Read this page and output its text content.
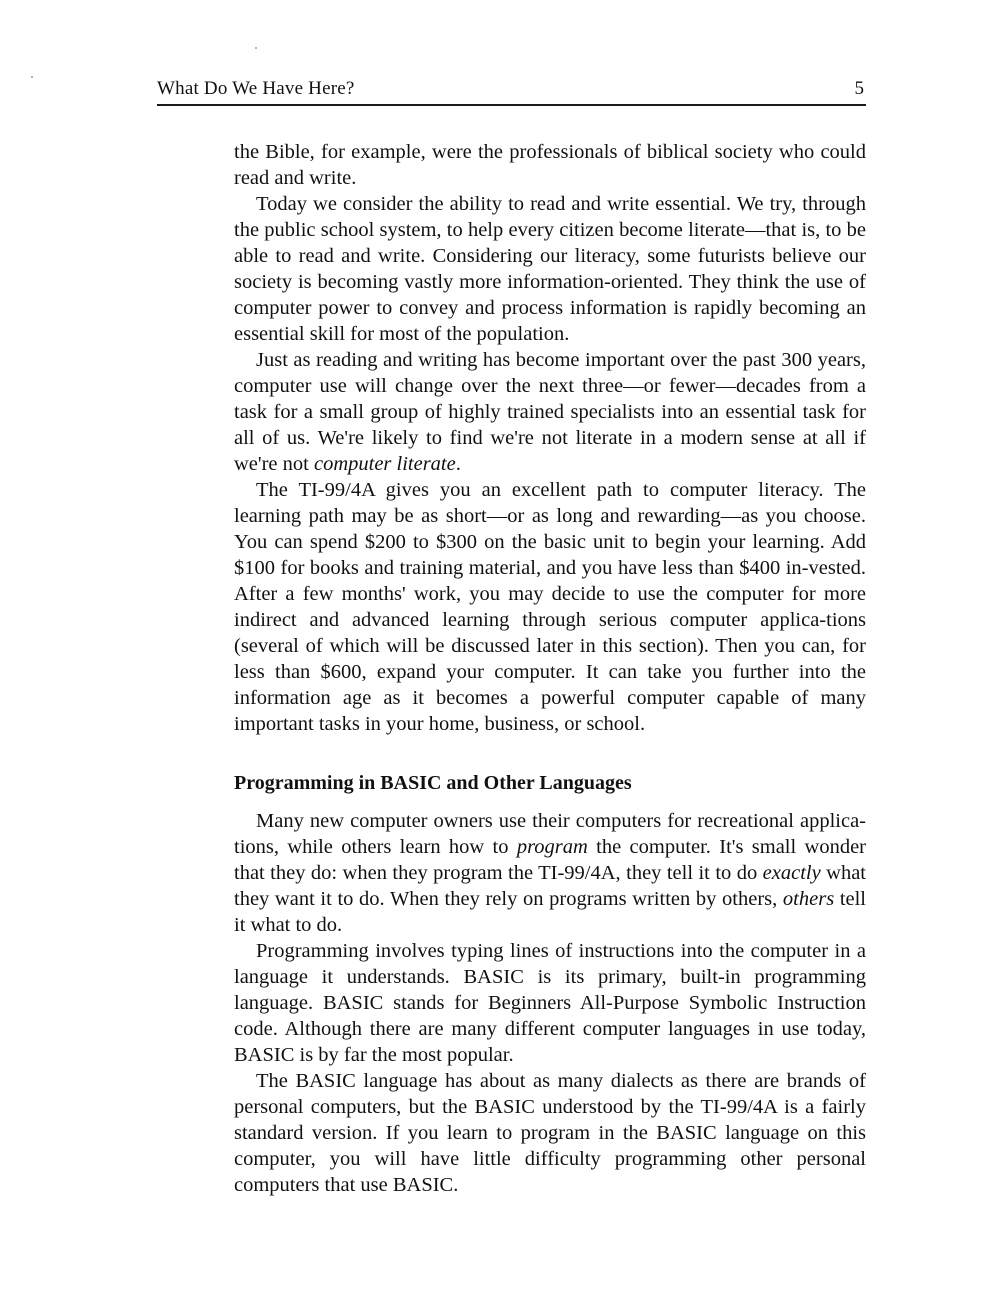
What Do We Have Here?	5

the Bible, for example, were the professionals of biblical society who could read and write.

Today we consider the ability to read and write essential. We try, through the public school system, to help every citizen become literate—that is, to be able to read and write. Considering our literacy, some futurists believe our society is becoming vastly more information-oriented. They think the use of computer power to convey and process information is rapidly becoming an essential skill for most of the population.

Just as reading and writing has become important over the past 300 years, computer use will change over the next three—or fewer—decades from a task for a small group of highly trained specialists into an essential task for all of us. We're likely to find we're not literate in a modern sense at all if we're not computer literate.

The TI-99/4A gives you an excellent path to computer literacy. The learning path may be as short—or as long and rewarding—as you choose. You can spend $200 to $300 on the basic unit to begin your learning. Add $100 for books and training material, and you have less than $400 in-vested. After a few months' work, you may decide to use the computer for more indirect and advanced learning through serious computer applica-tions (several of which will be discussed later in this section). Then you can, for less than $600, expand your computer. It can take you further into the information age as it becomes a powerful computer capable of many important tasks in your home, business, or school.

Programming in BASIC and Other Languages

Many new computer owners use their computers for recreational applica-tions, while others learn how to program the computer. It's small wonder that they do: when they program the TI-99/4A, they tell it to do exactly what they want it to do. When they rely on programs written by others, others tell it what to do.

Programming involves typing lines of instructions into the computer in a language it understands. BASIC is its primary, built-in programming language. BASIC stands for Beginners All-Purpose Symbolic Instruction code. Although there are many different computer languages in use today, BASIC is by far the most popular.

The BASIC language has about as many dialects as there are brands of personal computers, but the BASIC understood by the TI-99/4A is a fairly standard version. If you learn to program in the BASIC language on this computer, you will have little difficulty programming other personal computers that use BASIC.
